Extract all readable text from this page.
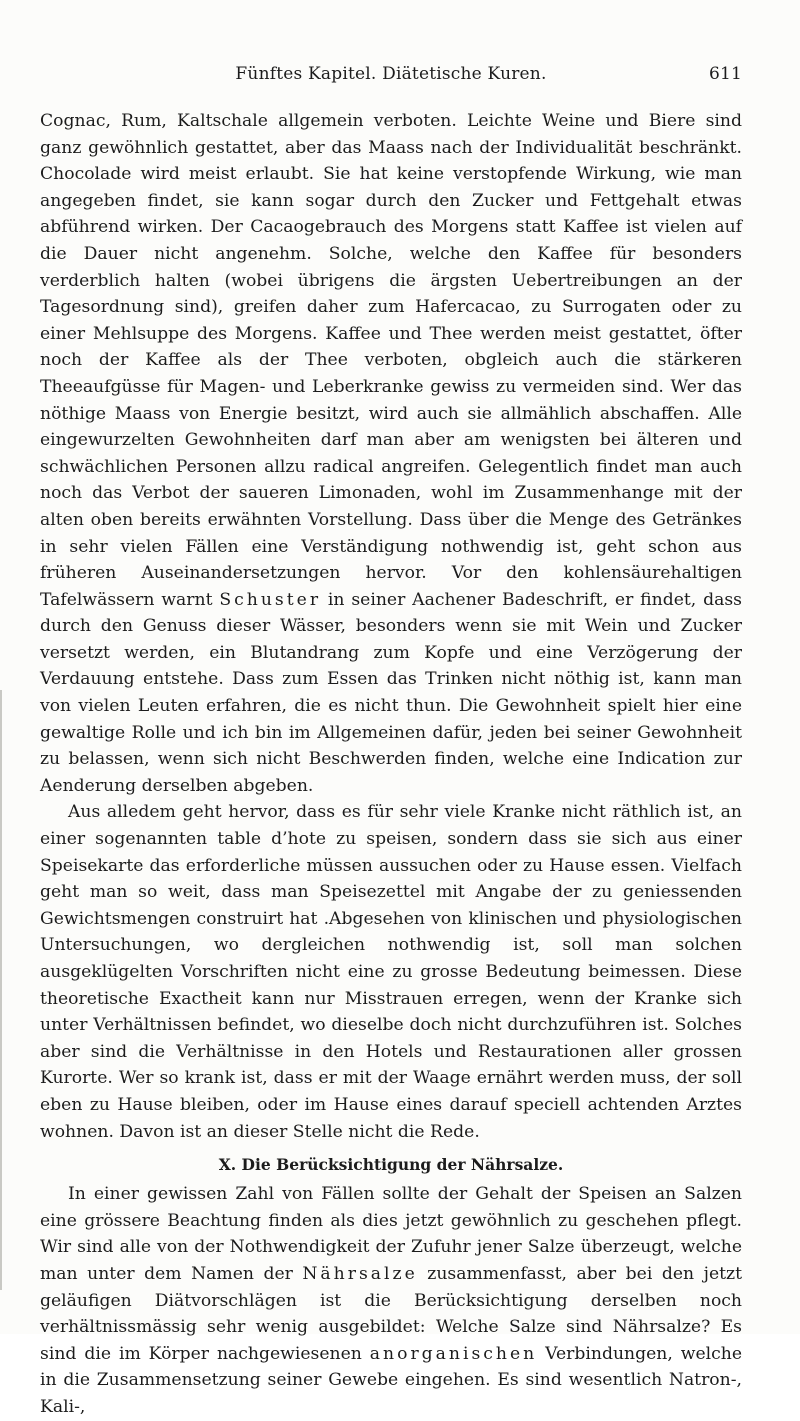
Fünftes Kapitel. Diätetische Kuren.	611

Cognac, Rum, Kaltschale allgemein verboten. Leichte Weine und Biere sind ganz gewöhnlich gestattet, aber das Maass nach der Individualität beschränkt. Chocolade wird meist erlaubt. Sie hat keine verstopfende Wirkung, wie man angegeben findet, sie kann sogar durch den Zucker und Fettgehalt etwas abführend wirken. Der Cacaogebrauch des Morgens statt Kaffee ist vielen auf die Dauer nicht angenehm. Solche, welche den Kaffee für besonders verderblich halten (wobei übrigens die ärgsten Uebertreibungen an der Tagesordnung sind), greifen daher zum Hafercacao, zu Surrogaten oder zu einer Mehlsuppe des Morgens. Kaffee und Thee werden meist gestattet, öfter noch der Kaffee als der Thee verboten, obgleich auch die stärkeren Theeaufgüsse für Magen- und Leberkranke gewiss zu vermeiden sind. Wer das nöthige Maass von Energie besitzt, wird auch sie allmählich abschaffen. Alle eingewurzelten Gewohnheiten darf man aber am wenigsten bei älteren und schwächlichen Personen allzu radical angreifen. Gelegentlich findet man auch noch das Verbot der saueren Limonaden, wohl im Zusammenhange mit der alten oben bereits erwähnten Vorstellung. Dass über die Menge des Getränkes in sehr vielen Fällen eine Verständigung nothwendig ist, geht schon aus früheren Auseinandersetzungen hervor. Vor den kohlensäurehaltigen Tafelwässern warnt Schuster in seiner Aachener Badeschrift, er findet, dass durch den Genuss dieser Wässer, besonders wenn sie mit Wein und Zucker versetzt werden, ein Blutandrang zum Kopfe und eine Verzögerung der Verdauung entstehe. Dass zum Essen das Trinken nicht nöthig ist, kann man von vielen Leuten erfahren, die es nicht thun. Die Gewohnheit spielt hier eine gewaltige Rolle und ich bin im Allgemeinen dafür, jeden bei seiner Gewohnheit zu belassen, wenn sich nicht Beschwerden finden, welche eine Indication zur Aenderung derselben abgeben.

Aus alledem geht hervor, dass es für sehr viele Kranke nicht räthlich ist, an einer sogenannten table d’hote zu speisen, sondern dass sie sich aus einer Speisekarte das erforderliche müssen aussuchen oder zu Hause essen. Vielfach geht man so weit, dass man Speisezettel mit Angabe der zu geniessenden Gewichtsmengen construirt hat .Abgesehen von klinischen und physiologischen Untersuchungen, wo dergleichen nothwendig ist, soll man solchen ausgeklügelten Vorschriften nicht eine zu grosse Bedeutung beimessen. Diese theoretische Exactheit kann nur Misstrauen erregen, wenn der Kranke sich unter Verhältnissen befindet, wo dieselbe doch nicht durchzuführen ist. Solches aber sind die Verhältnisse in den Hotels und Restaurationen aller grossen Kurorte. Wer so krank ist, dass er mit der Waage ernährt werden muss, der soll eben zu Hause bleiben, oder im Hause eines darauf speciell achtenden Arztes wohnen. Davon ist an dieser Stelle nicht die Rede.

X. Die Berücksichtigung der Nährsalze.

In einer gewissen Zahl von Fällen sollte der Gehalt der Speisen an Salzen eine grössere Beachtung finden als dies jetzt gewöhnlich zu geschehen pflegt. Wir sind alle von der Nothwendigkeit der Zufuhr jener Salze überzeugt, welche man unter dem Namen der Nährsalze zusammenfasst, aber bei den jetzt geläufigen Diätvorschlägen ist die Berücksichtigung derselben noch verhältnissmässig sehr wenig ausgebildet: Welche Salze sind Nährsalze? Es sind die im Körper nachgewiesenen anorganischen Verbindungen, welche in die Zusammensetzung seiner Gewebe eingehen. Es sind wesentlich Natron-, Kali-,
